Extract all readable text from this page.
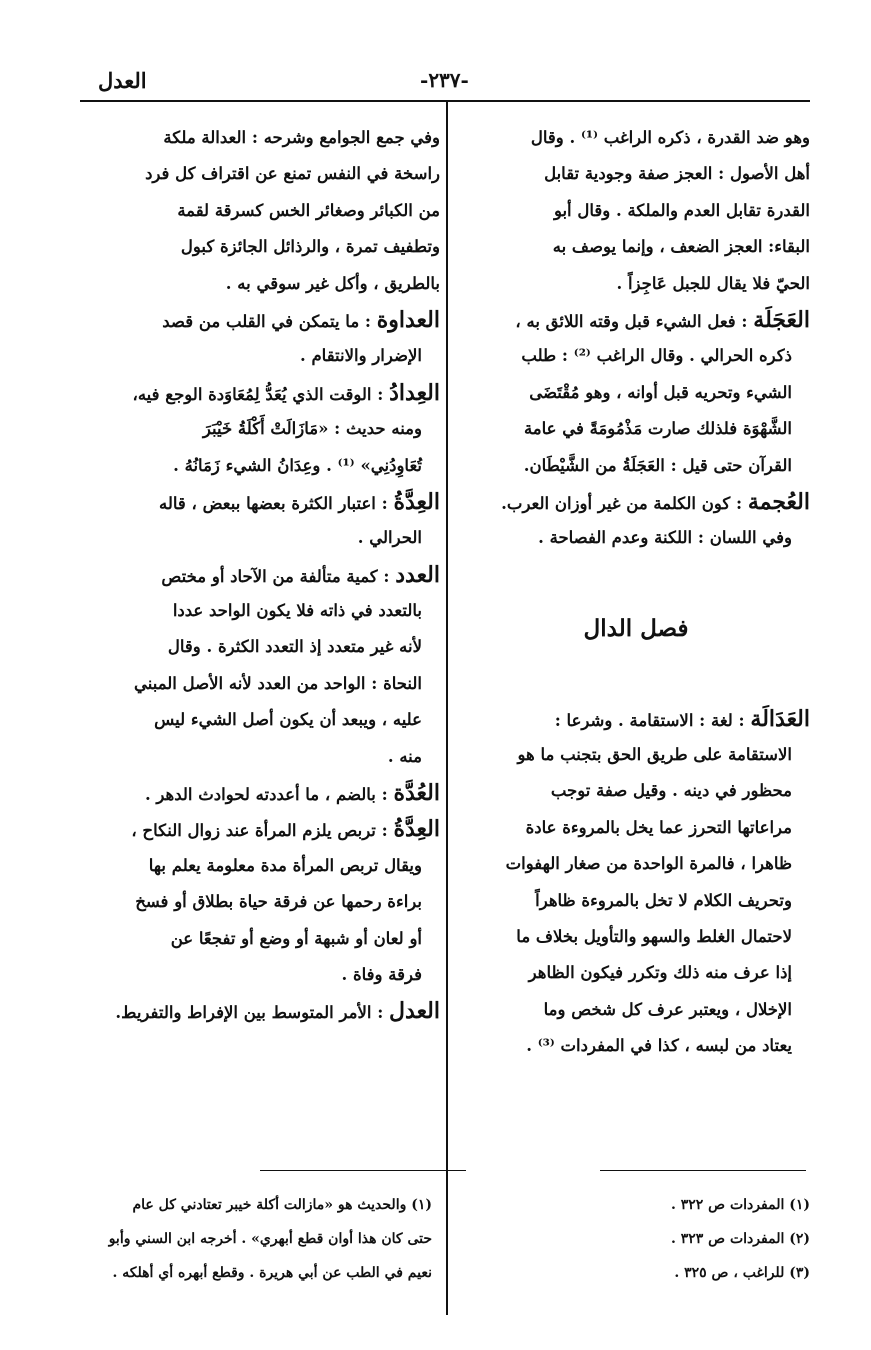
العدل	-٢٣٧-
وهو ضد القدرة ، ذكره الراغب ⁽¹⁾ . وقال
أهل الأصول : العجز صفة وجودية تقابل
القدرة تقابل العدم والملكة . وقال أبو
البقاء: العجز الضعف ، وإنما يوصف به
الحيّ فلا يقال للجبل عَاجِزاً .
العَجَلَة : فعل الشيء قبل وقته اللائق به ،
ذكره الحرالي . وقال الراغب ⁽²⁾ : طلب
الشيء وتحريه قبل أوانه ، وهو مُقْتَضَى
الشَّهْوَة فلذلك صارت مَذْمُومَةً في عامة
القرآن حتى قيل : العَجَلَةُ من الشَّيْطَان.
العُجمة : كون الكلمة من غير أوزان العرب.
وفي اللسان : اللكنة وعدم الفصاحة .
فصل الدال
العَدَالَة : لغة : الاستقامة . وشرعا :
الاستقامة على طريق الحق بتجنب ما هو
محظور في دينه . وقيل صفة توجب
مراعاتها التحرز عما يخل بالمروءة عادة
ظاهرا ، فالمرة الواحدة من صغار الهفوات
وتحريف الكلام لا تخل بالمروءة ظاهراً
لاحتمال الغلط والسهو والتأويل بخلاف ما
إذا عرف منه ذلك وتكرر فيكون الظاهر
الإخلال ، ويعتبر عرف كل شخص وما
يعتاد من لبسه ، كذا في المفردات ⁽³⁾ .
وفي جمع الجوامع وشرحه : العدالة ملكة
راسخة في النفس تمنع عن اقتراف كل فرد
من الكبائر وصغائر الخس كسرقة لقمة
وتطفيف تمرة ، والرذائل الجائزة كبول
بالطريق ، وأكل غير سوقي به .
العداوة : ما يتمكن في القلب من قصد
الإضرار والانتقام .
العِدادُ : الوقت الذي يُعَدُّ لِمُعَاوَدة الوجع فيه،
ومنه حديث : «مَازَالَتْ أَكْلَةُ خَيْبَرَ
تُعَاوِدُنِي» ⁽¹⁾ . وعِدَانُ الشيء زَمَانُهُ .
العِدَّةُ : اعتبار الكثرة بعضها ببعض ، قاله
الحرالي .
العدد : كمية متألفة من الآحاد أو مختص
بالتعدد في ذاته فلا يكون الواحد عددا
لأنه غير متعدد إذ التعدد الكثرة . وقال
النحاة : الواحد من العدد لأنه الأصل المبني
عليه ، ويبعد أن يكون أصل الشيء ليس
منه .
العُدَّة : بالضم ، ما أعددته لحوادث الدهر .
العِدَّةُ : تربص يلزم المرأة عند زوال النكاح ،
ويقال تربص المرأة مدة معلومة يعلم بها
براءة رحمها عن فرقة حياة بطلاق أو فسخ
أو لعان أو شبهة أو وضع أو تفجعًا عن
فرقة وفاة .
العدل : الأمر المتوسط بين الإفراط والتفريط.
(١) المفردات ص ٣٢٢ .
(٢) المفردات ص ٣٢٣ .
(٣) للراغب ، ص ٣٢٥ .
(١) والحديث هو «مازالت أكلة خيبر تعتادني كل عام
حتى كان هذا أوان قطع أبهري» . أخرجه ابن السني وأبو
نعيم في الطب عن أبي هريرة . وقطع أبهره أي أهلكه .
